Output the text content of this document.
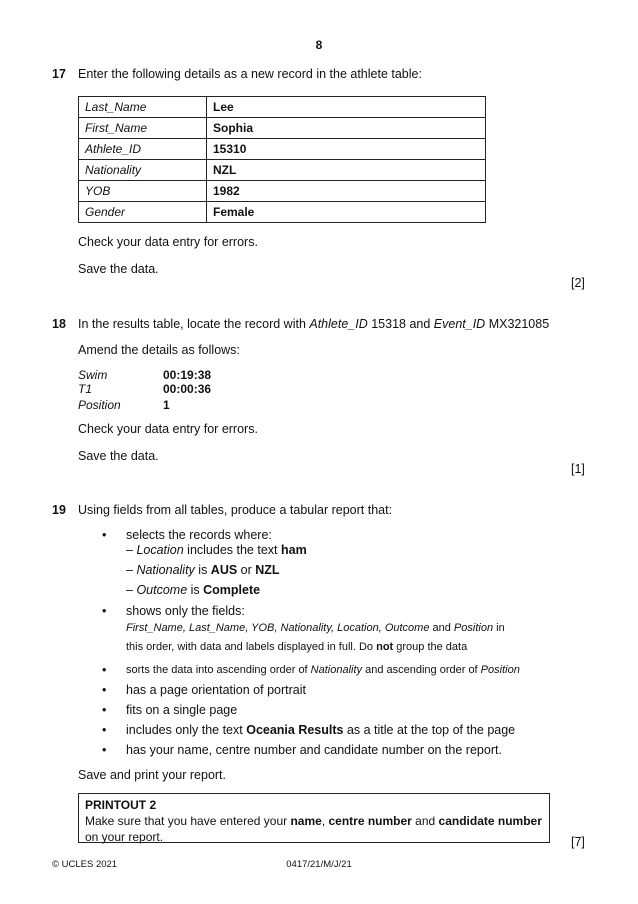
8
17 Enter the following details as a new record in the athlete table:
Last_Name	Lee
First_Name	Sophia
Athlete_ID	15310
Nationality	NZL
YOB	1982
Gender	Female
Check your data entry for errors.
Save the data.
[2]
18 In the results table, locate the record with Athlete_ID 15318 and Event_ID MX321085
Amend the details as follows:
Swim	00:19:38
T1	00:00:36
Position	1
Check your data entry for errors.
Save the data.
[1]
19 Using fields from all tables, produce a tabular report that:
• selects the records where:
– Location includes the text ham
– Nationality is AUS or NZL
– Outcome is Complete
• shows only the fields:
First_Name, Last_Name, YOB, Nationality, Location, Outcome and Position in
this order, with data and labels displayed in full. Do not group the data
• sorts the data into ascending order of Nationality and ascending order of Position
• has a page orientation of portrait
• fits on a single page
• includes only the text Oceania Results as a title at the top of the page
• has your name, centre number and candidate number on the report.
Save and print your report.
PRINTOUT 2
Make sure that you have entered your name, centre number and candidate number
on your report.	[7]
© UCLES 2021	0417/21/M/J/21
